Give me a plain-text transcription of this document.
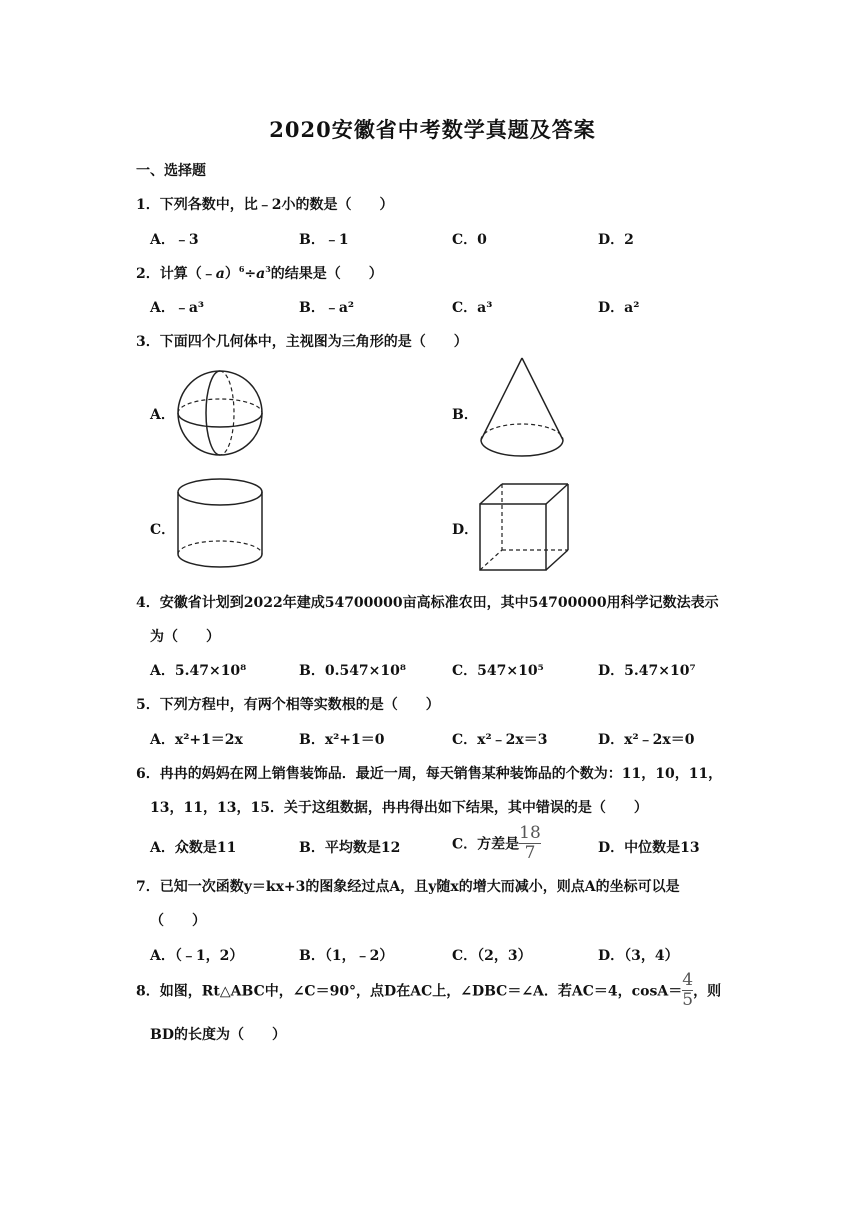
2020安徽省中考数学真题及答案
一、选择题
1．下列各数中，比﹣2小的数是（　　）
A．﹣3	B．﹣1	C．0	D．2
2．计算$(﹣a)^6\div a^3$的结果是（　　）
A．﹣a³	B．﹣a²	C．a³	D．a²
3．下面四个几何体中，主视图为三角形的是（　　）
A．	B．
C．	D．
4．安徽省计划到2022年建成54700000亩高标准农田，其中54700000用科学记数法表示
为（　　）
A．5.47×10⁸	B．0.547×10⁸	C．547×10⁵	D．5.47×10⁷
5．下列方程中，有两个相等实数根的是（　　）
A．x²+1＝2x	B．x²+1＝0	C．x²﹣2x＝3	D．x²﹣2x＝0
6．冉冉的妈妈在网上销售装饰品．最近一周，每天销售某种装饰品的个数为：11，10，11，
13，11，13，15．关于这组数据，冉冉得出如下结果，其中错误的是（　　）
A．众数是11	B．平均数是12	C．方差是 $\frac{18}{7}$	D．中位数是13
7．已知一次函数y＝kx+3的图象经过点A，且y随x的增大而减小，则点A的坐标可以是
（　　）
A．（﹣1，2）	B．（1，﹣2）	C．（2，3）	D．（3，4）
8．如图，Rt△ABC中，∠C＝90°，点D在AC上，∠DBC＝∠A．若AC＝4，$\cos A= \frac{4}{5}$ ，则
BD的长度为（　　）
